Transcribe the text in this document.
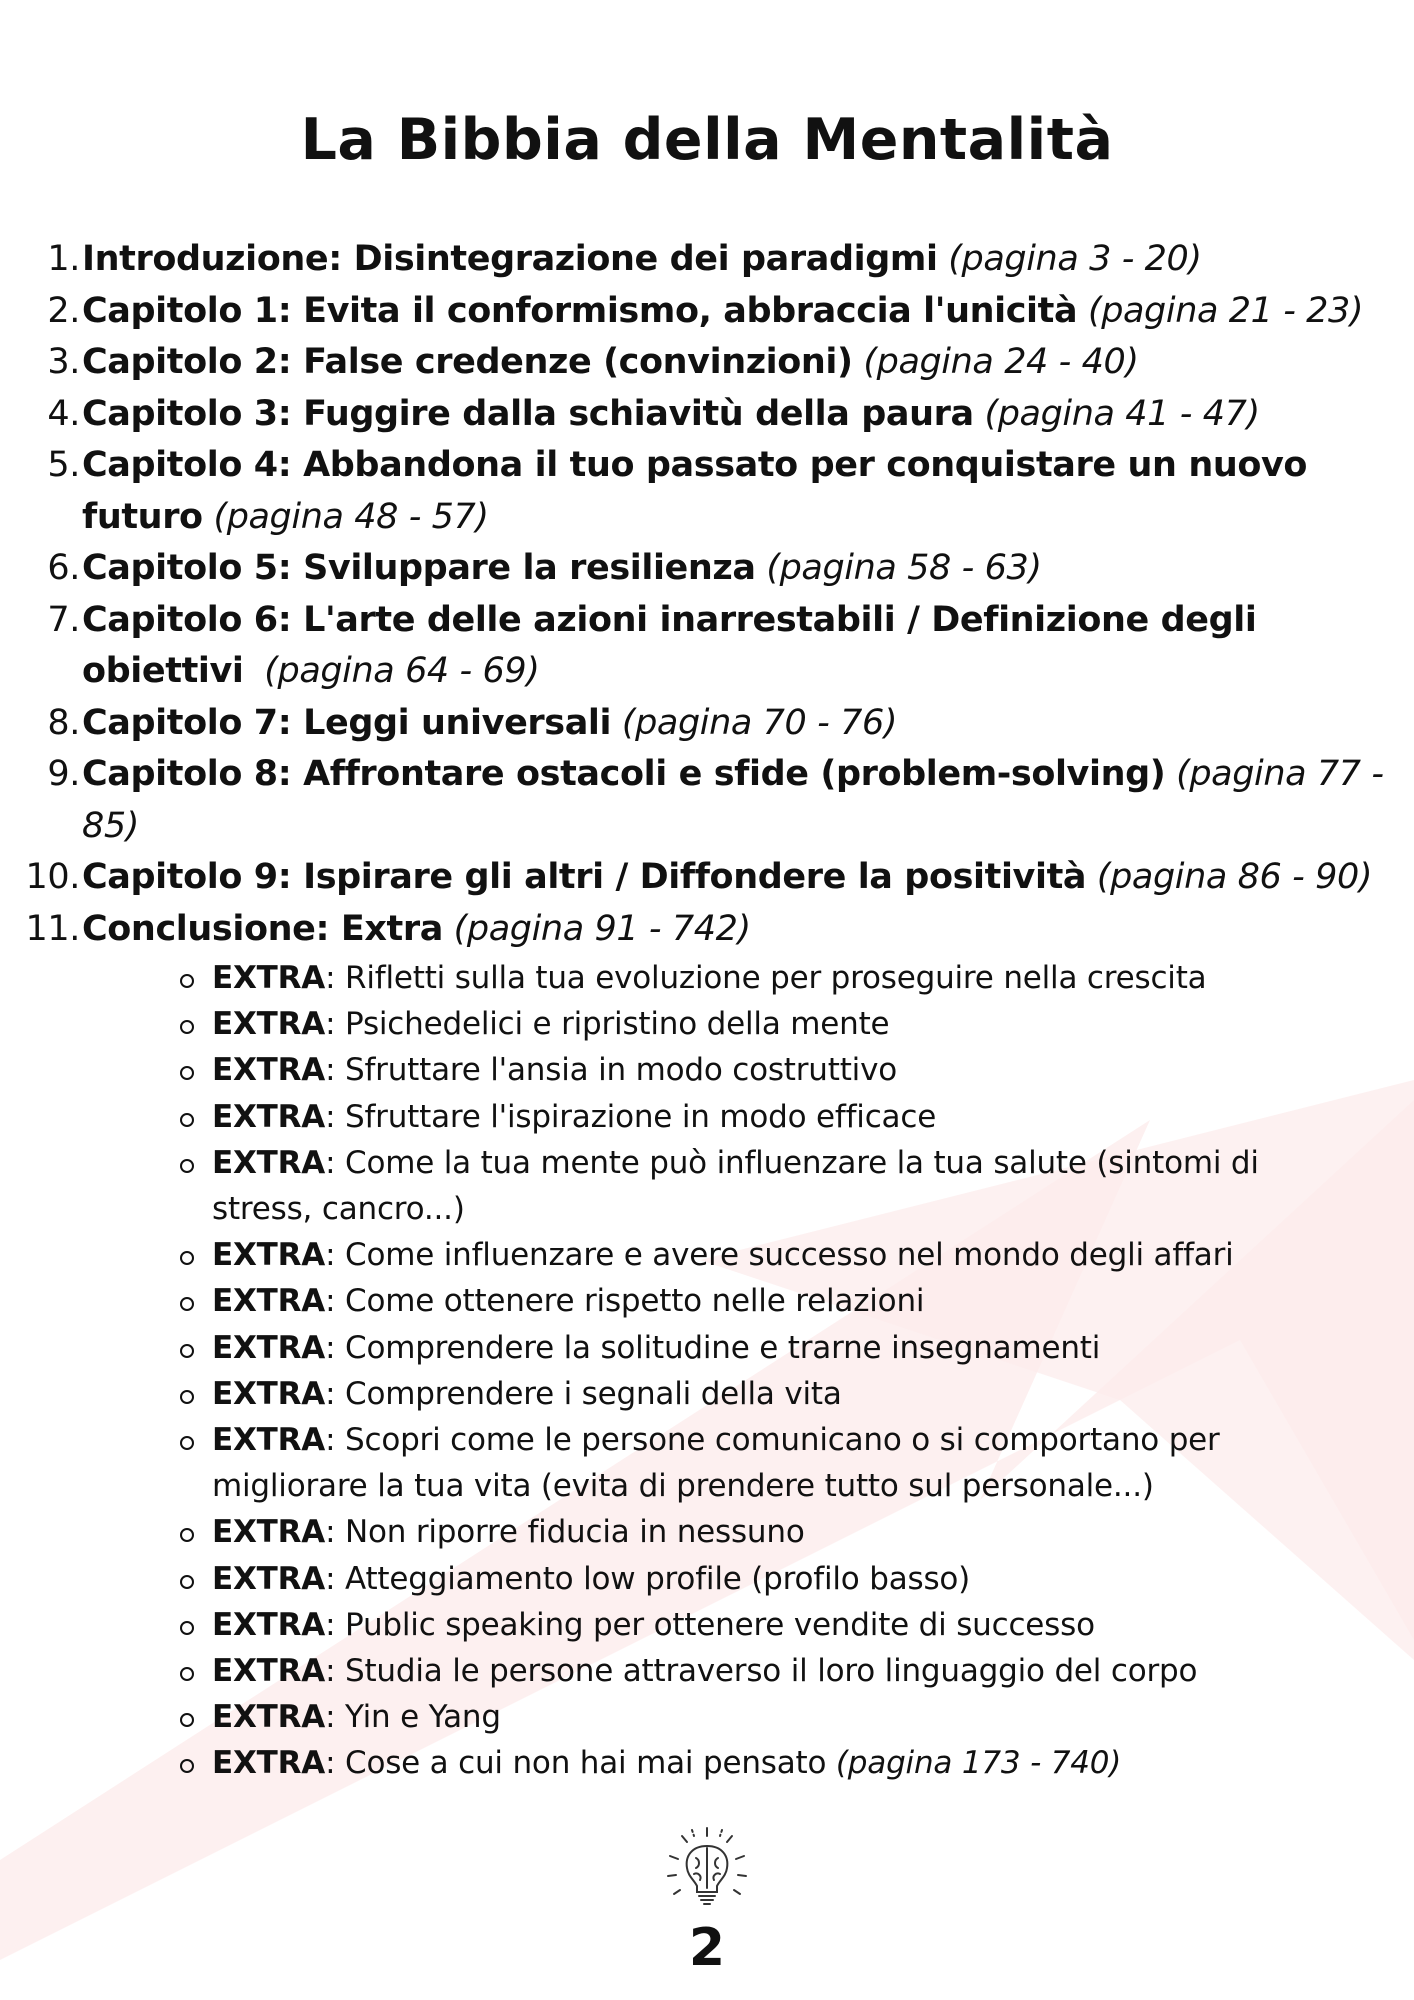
La Bibbia della Mentalità
1. Introduzione: Disintegrazione dei paradigmi (pagina 3 - 20)
2. Capitolo 1: Evita il conformismo, abbraccia l'unicità (pagina 21 - 23)
3. Capitolo 2: False credenze (convinzioni) (pagina 24 - 40)
4. Capitolo 3: Fuggire dalla schiavitù della paura (pagina 41 - 47)
5. Capitolo 4: Abbandona il tuo passato per conquistare un nuovo futuro (pagina 48 - 57)
6. Capitolo 5: Sviluppare la resilienza (pagina 58 - 63)
7. Capitolo 6: L'arte delle azioni inarrestabili / Definizione degli obiettivi (pagina 64 - 69)
8. Capitolo 7: Leggi universali (pagina 70 - 76)
9. Capitolo 8: Affrontare ostacoli e sfide (problem-solving) (pagina 77 - 85)
10. Capitolo 9: Ispirare gli altri / Diffondere la positività (pagina 86 - 90)
11. Conclusione: Extra (pagina 91 - 742)
EXTRA: Rifletti sulla tua evoluzione per proseguire nella crescita
EXTRA: Psichedelici e ripristino della mente
EXTRA: Sfruttare l'ansia in modo costruttivo
EXTRA: Sfruttare l'ispirazione in modo efficace
EXTRA: Come la tua mente può influenzare la tua salute (sintomi di stress, cancro...)
EXTRA: Come influenzare e avere successo nel mondo degli affari
EXTRA: Come ottenere rispetto nelle relazioni
EXTRA: Comprendere la solitudine e trarne insegnamenti
EXTRA: Comprendere i segnali della vita
EXTRA: Scopri come le persone comunicano o si comportano per migliorare la tua vita (evita di prendere tutto sul personale...)
EXTRA: Non riporre fiducia in nessuno
EXTRA: Atteggiamento low profile (profilo basso)
EXTRA: Public speaking per ottenere vendite di successo
EXTRA: Studia le persone attraverso il loro linguaggio del corpo
EXTRA: Yin e Yang
EXTRA: Cose a cui non hai mai pensato (pagina 173 - 740)
2
